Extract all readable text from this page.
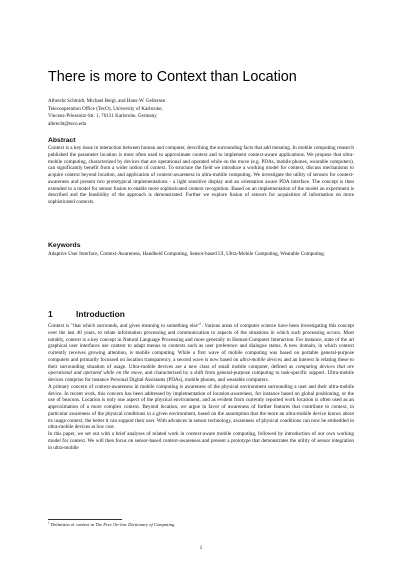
There is more to Context than Location
Albrecht Schmidt, Michael Beigl, and Hans-W. Gellersen
Telecooperation Office (TecO), University of Karlsruhe,
Vincenz-Priessnitz-Str. 1, 76131 Karlsruhe, Germany
albrecht@teco.edu
Abstract
Context is a key issue in interaction between human and computer, describing the surrounding facts that add meaning. In mobile computing research published the parameter location is most often used to approximate context and to implement context-aware applications. We propose that ultra-mobile computing, characterized by devices that are operational and operated while on the move (e.g. PDAs, mobile phones, wearable computers), can significantly benefit from a wider notion of context. To structure the field we introduce a working model for context, discuss mechanisms to acquire context beyond location, and application of context-awareness in ultra-mobile computing. We investigate the utility of sensors for context-awareness and present two prototypical implementations - a light sensitive display and an orientation aware PDA interface. The concept is then extended to a model for sensor fusion to enable more sophisticated context recognition. Based on an implementation of the model an experiment is described and the feasibility of the approach is demonstrated. Further we explore fusion of sensors for acquisition of information on more sophisticated contexts.
Keywords
Adaptive User Interface, Context-Awareness, Handheld Computing, Sensor-based UI, Ultra-Mobile Computing, Wearable Computing.
1	Introduction

Context is "that which surrounds, and gives meaning to something else"$^1$. Various areas of computer science have been investigating this concept over the last 40 years, to relate information processing and communication to aspects of the situations in which such processing occurs. Most notably, context is a key concept in Natural Language Processing and more generally in Human-Computer Interaction. For instance, state of the art graphical user interfaces use context to adapt menus to contexts such as user preference and dialogue status. A new domain, in which context currently receives growing attention, is mobile computing. While a first wave of mobile computing was based on portable general-purpose computers and primarily focussed on location transparency, a second wave is now based on ultra-mobile devices and an interest in relating these to their surrounding situation of usage. Ultra-mobile devices are a new class of small mobile computer, defined as computing devices that are operational and operated while on the move, and characterized by a shift from general-purpose computing to task-specific support. Ultra-mobile devices comprise for instance Personal Digital Assistants (PDAs), mobile phones, and wearable computers.

A primary concern of context-awareness in mobile computing is awareness of the physical environment surrounding a user and their ultra-mobile device. In recent work, this concern has been addressed by implementation of location-awareness, for instance based on global positioning, or the use of beacons. Location is only one aspect of the physical environment, and as evident from currently reported work location is often used as an approximation of a more complex context. Beyond location, we argue in favor of awareness of further features that contribute to context, in particular awareness of the physical conditions in a given environment, based on the assumption that the more an ultra-mobile device knows about its usage context, the better it can support their user. With advances in sensor technology, awareness of physical conditions can now be embedded in ultra-mobile devices at low cost.

In this paper, we set out with a brief analyses of related work in context-aware mobile computing, followed by introduction of our own working model for context. We will then focus on sensor-based context-awareness and present a prototype that demonstrates the utility of sensor integration in ultra-mobile

$^1$ Definition of context in The Free On-line Dictionary of Computing
1
